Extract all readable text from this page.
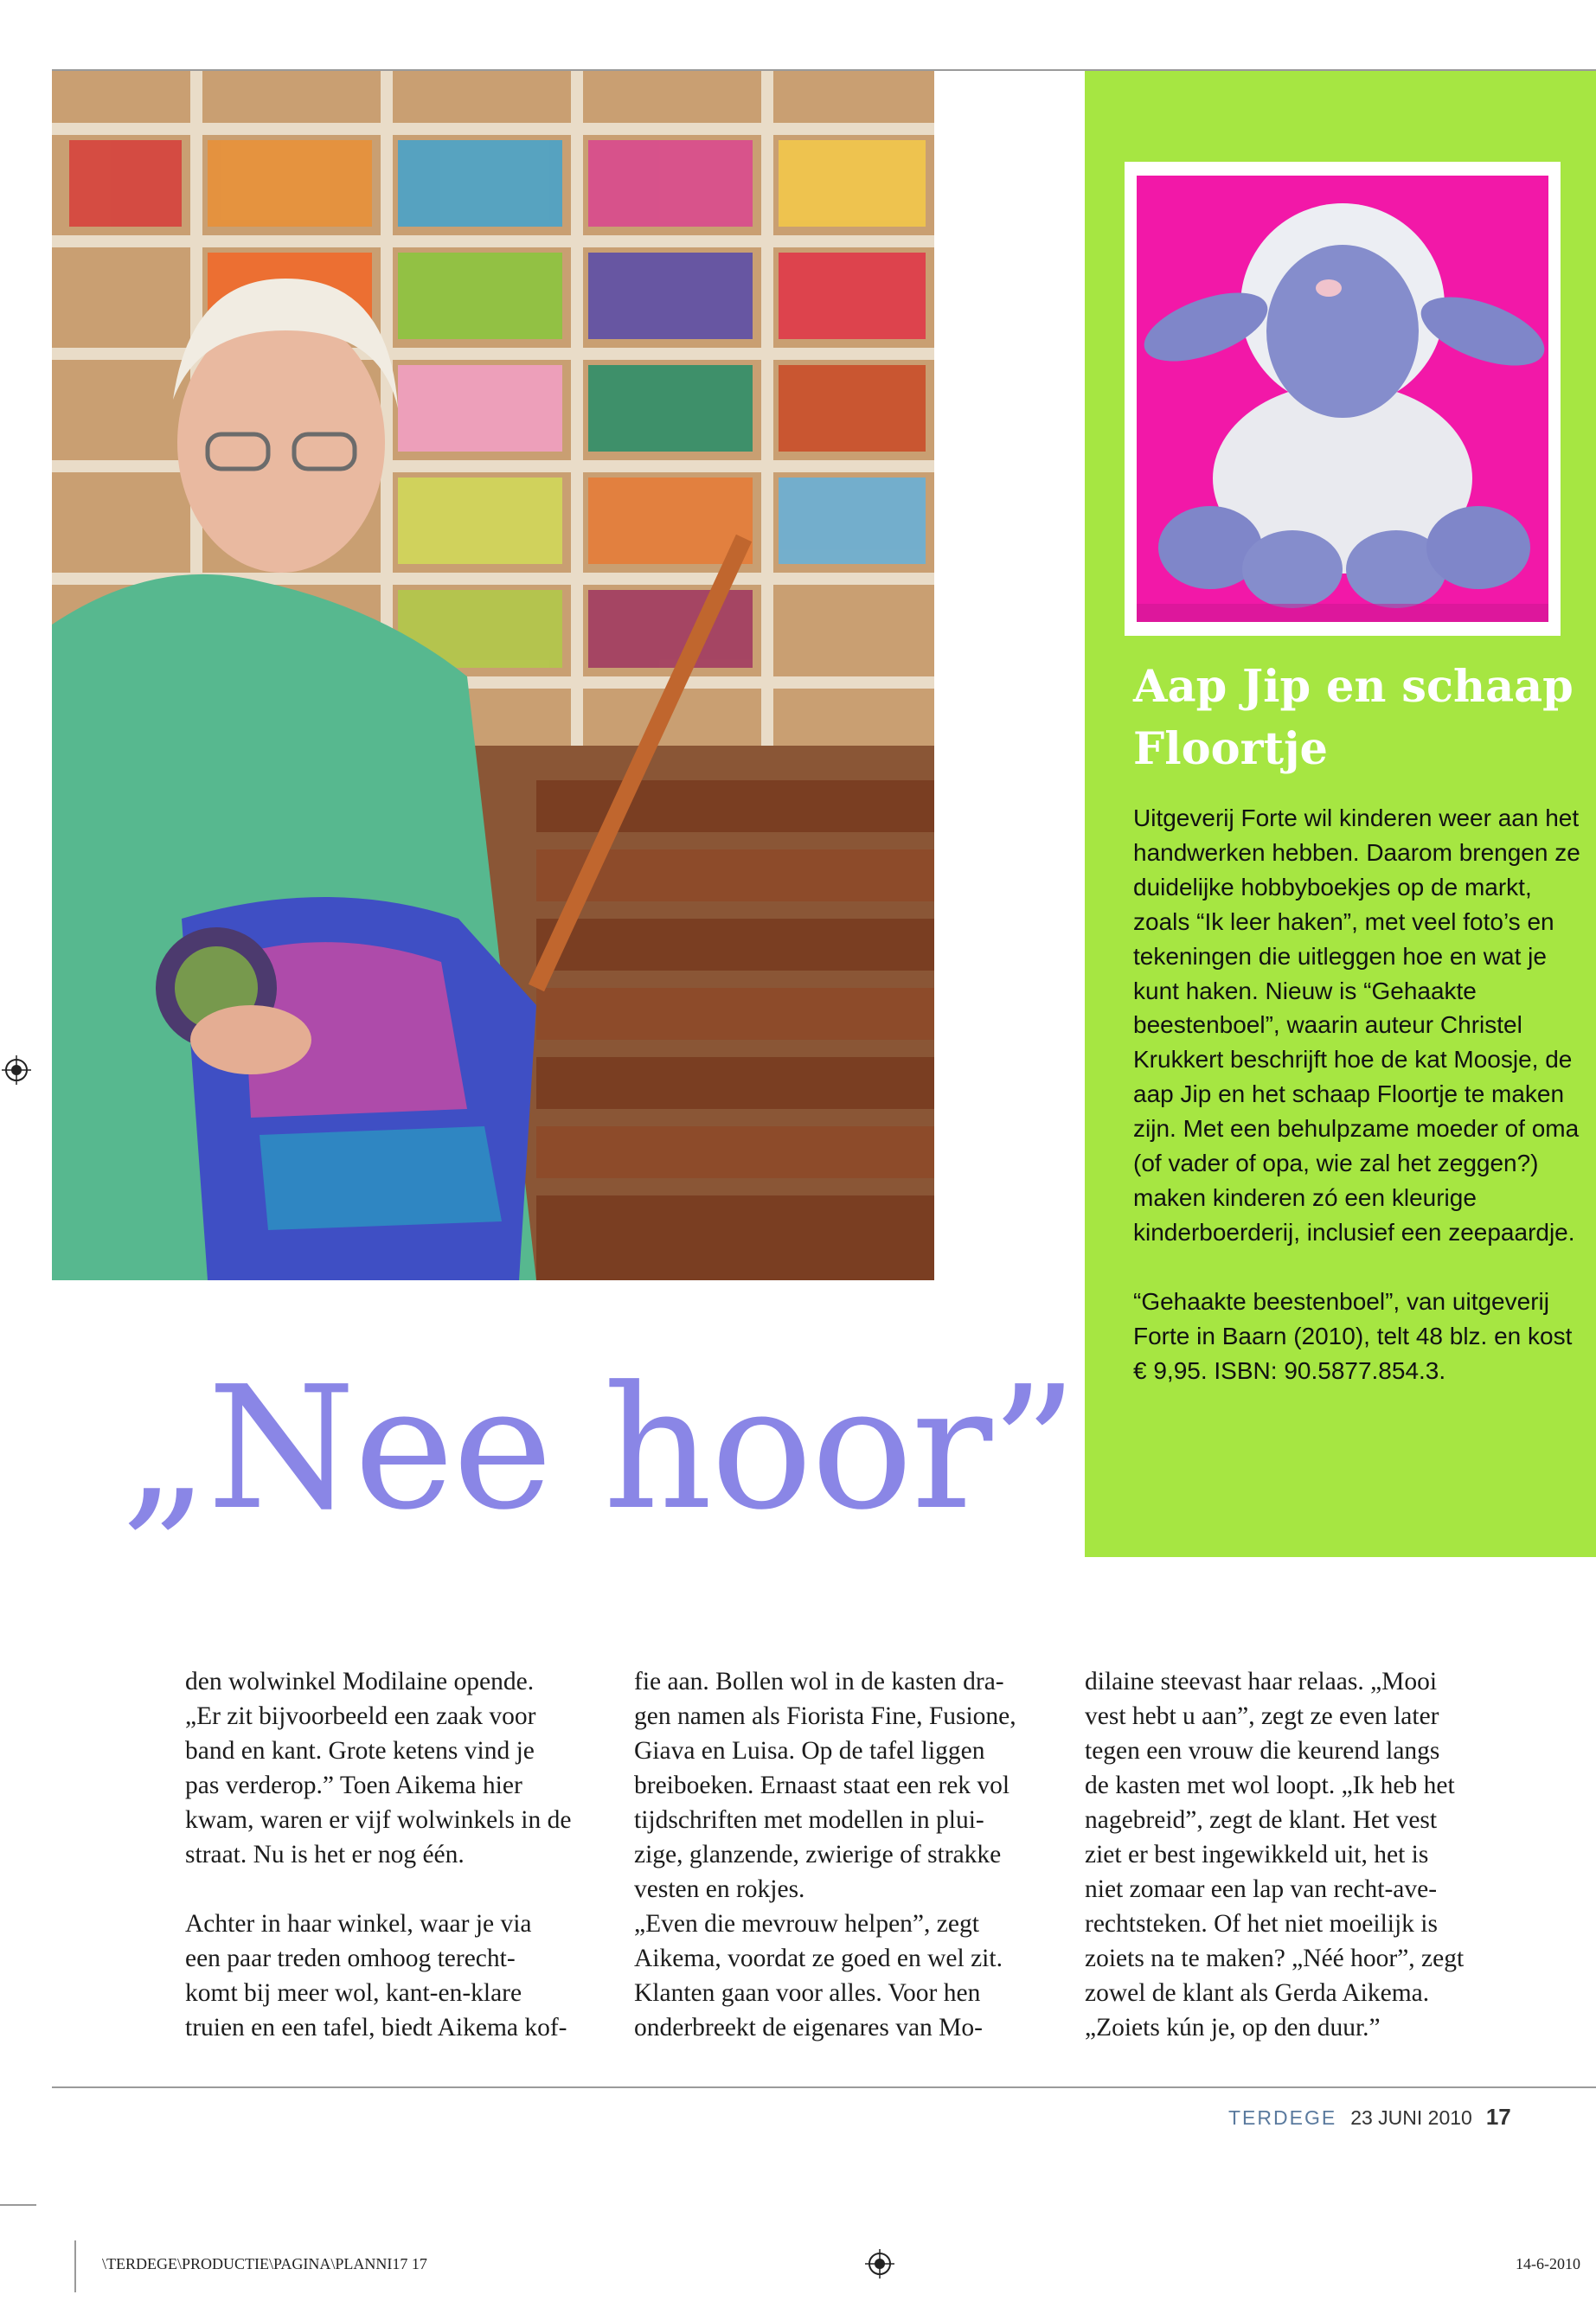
Aap Jip en schaap Floortje

Uitgeverij Forte wil kinderen weer aan het handwerken hebben. Daarom brengen ze duidelijke hobbyboekjes op de markt, zoals “Ik leer haken”, met veel foto’s en tekeningen die uitleggen hoe en wat je kunt haken. Nieuw is “Gehaakte beestenboel”, waarin auteur Christel Krukkert beschrijft hoe de kat Moosje, de aap Jip en het schaap Floortje te maken zijn. Met een behulpzame moeder of oma (of vader of opa, wie zal het zeggen?) maken kinderen zó een kleurige kinderboerderij, inclusief een zeepaardje.

“Gehaakte beestenboel”, van uitgeverij Forte in Baarn (2010), telt 48 blz. en kost € 9,95. ISBN: 90.5877.854.3.

„Nee hoor”

den wolwinkel Modilaine opende.
„Er zit bijvoorbeeld een zaak voor
band en kant. Grote ketens vind je
pas verderop.” Toen Aikema hier
kwam, waren er vijf wolwinkels in de
straat. Nu is het er nog één.

Achter in haar winkel, waar je via
een paar treden omhoog terecht-
komt bij meer wol, kant-en-klare
truien en een tafel, biedt Aikema kof-

fie aan. Bollen wol in de kasten dra-
gen namen als Fiorista Fine, Fusione,
Giava en Luisa. Op de tafel liggen
breiboeken. Ernaast staat een rek vol
tijdschriften met modellen in plui-
zige, glanzende, zwierige of strakke
vesten en rokjes.
„Even die mevrouw helpen”, zegt
Aikema, voordat ze goed en wel zit.
Klanten gaan voor alles. Voor hen
onderbreekt de eigenares van Mo-

dilaine steevast haar relaas. „Mooi
vest hebt u aan”, zegt ze even later
tegen een vrouw die keurend langs
de kasten met wol loopt. „Ik heb het
nagebreid”, zegt de klant. Het vest
ziet er best ingewikkeld uit, het is
niet zomaar een lap van recht-ave-
rechtsteken. Of het niet moeilijk is
zoiets na te maken? „Néé hoor”, zegt
zowel de klant als Gerda Aikema.
„Zoiets kún je, op den duur.”

TERDEGE 23 JUNI 2010 17
\TERDEGE\PRODUCTIE\PAGINA\PLANNI17 17	14-6-2010
